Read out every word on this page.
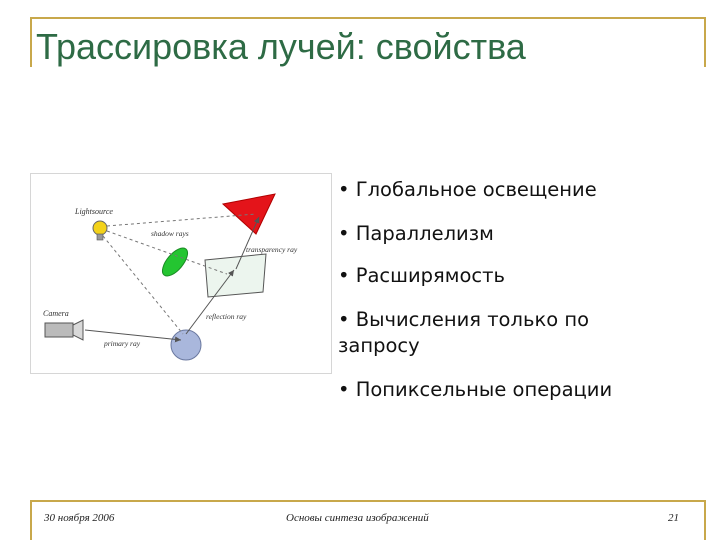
Трассировка лучей: свойства
Lightsource
Camera
shadow rays
transparency ray
reflection ray
primary ray
• Глобальное освещение
• Параллелизм
• Расширямость
• Вычисления только по запросу
• Попиксельные операции
30 ноября 2006	Основы синтеза изображений	21
